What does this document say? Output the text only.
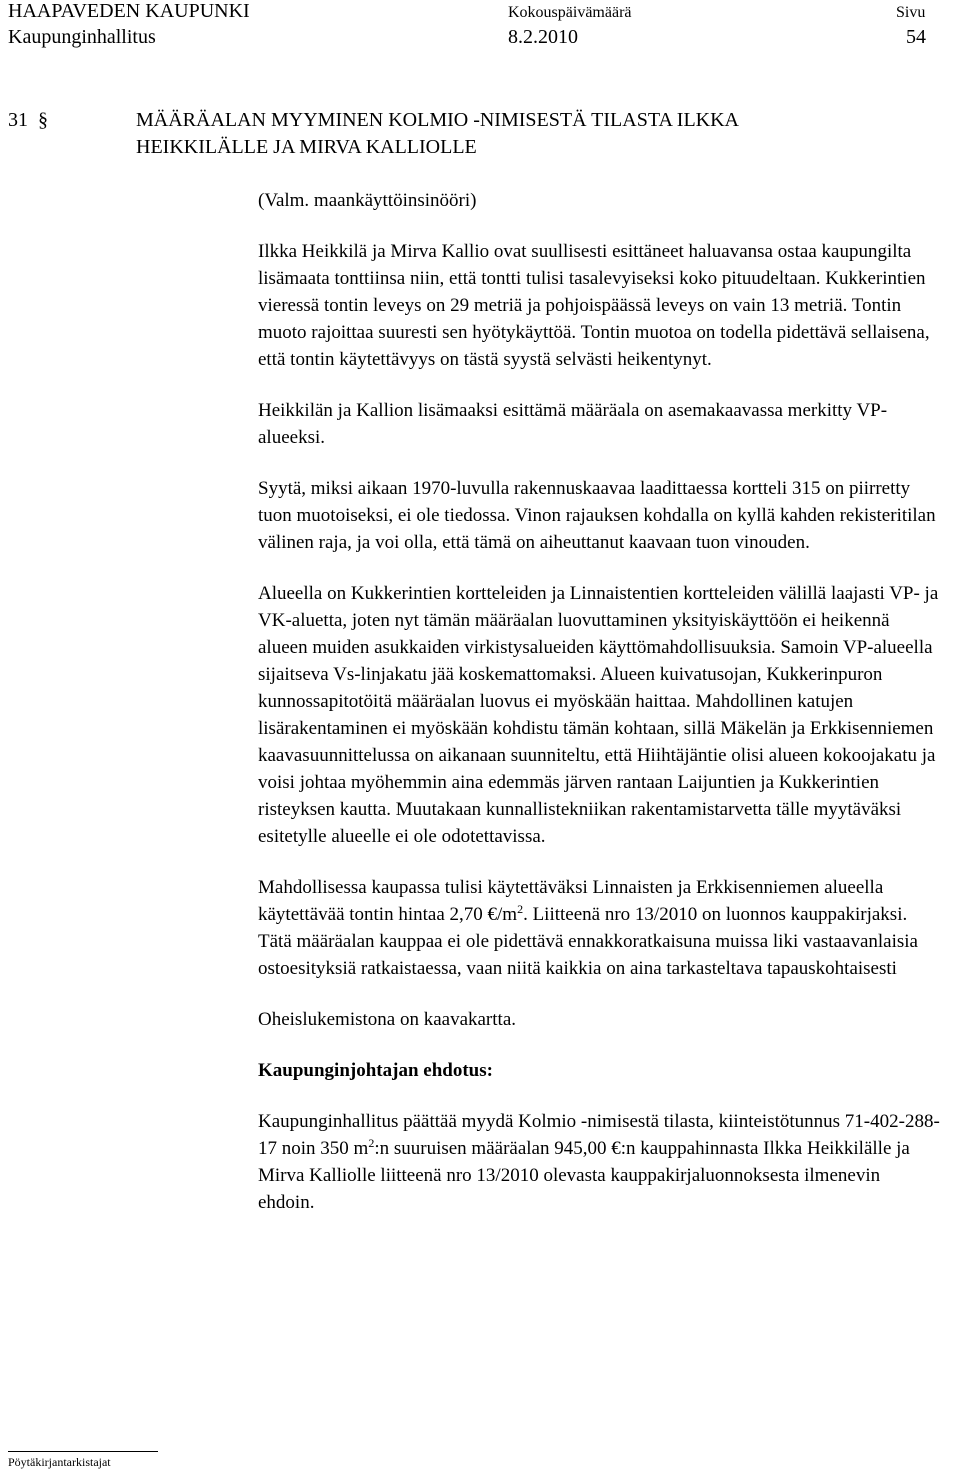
HAAPAVEDEN KAUPUNKI	Kokouspäivämäärä	Sivu
Kaupunginhallitus	8.2.2010	54
31 §	MÄÄRÄALAN MYYMINEN KOLMIO -NIMISESTÄ TILASTA ILKKA
HEIKKILÄLLE JA MIRVA KALLIOLLE

(Valm. maankäyttöinsinööri)

Ilkka Heikkilä ja Mirva Kallio ovat suullisesti esittäneet haluavansa ostaa kaupungilta lisämaata tonttiinsa niin, että tontti tulisi tasalevyiseksi koko pituudeltaan. Kukkerintien vieressä tontin leveys on 29 metriä ja pohjoispäässä leveys on vain 13 metriä. Tontin muoto rajoittaa suuresti sen hyötykäyttöä. Tontin muotoa on todella pidettävä sellaisena, että tontin käytettävyys on tästä syystä selvästi heikentynyt.

Heikkilän ja Kallion lisämaaksi esittämä määräala on asemakaavassa merkitty VP-alueeksi.

Syytä, miksi aikaan 1970-luvulla rakennuskaavaa laadittaessa kortteli 315 on piirretty tuon muotoiseksi, ei ole tiedossa. Vinon rajauksen kohdalla on kyllä kahden rekisteritilan välinen raja, ja voi olla, että tämä on aiheuttanut kaavaan tuon vinouden.

Alueella on Kukkerintien kortteleiden ja Linnaistentien kortteleiden välillä laajasti VP- ja VK-aluetta, joten nyt tämän määräalan luovuttaminen yksityiskäyttöön ei heikennä alueen muiden asukkaiden virkistysalueiden käyttömahdollisuuksia. Samoin VP-alueella sijaitseva Vs-linjakatu jää koskemattomaksi. Alueen kuivatusojan, Kukkerinpuron kunnossapitotöitä määräalan luovus ei myöskään haittaa. Mahdollinen katujen lisärakentaminen ei myöskään kohdistu tämän kohtaan, sillä Mäkelän ja Erkkisenniemen kaavasuunnittelussa on aikanaan suunniteltu, että Hiihtäjäntie olisi alueen kokoojakatu ja voisi johtaa myöhemmin aina edemmäs järven rantaan Laijuntien ja Kukkerintien risteyksen kautta. Muutakaan kunnallistekniikan rakentamistarvetta tälle myytäväksi esitetylle alueelle ei ole odotettavissa.

Mahdollisessa kaupassa tulisi käytettäväksi Linnaisten ja Erkkisenniemen alueella käytettävää tontin hintaa 2,70 $€/m^2$. Liitteenä nro 13/2010 on luonnos kauppakirjaksi. Tätä määräalan kauppaa ei ole pidettävä ennakkoratkaisuna muissa liki vastaavanlaisia ostoesityksiä ratkaistaessa, vaan niitä kaikkia on aina tarkasteltava tapauskohtaisesti

Oheislukemistona on kaavakartta.

Kaupunginjohtajan ehdotus:

Kaupunginhallitus päättää myydä Kolmio -nimisestä tilasta, kiinteistötunnus 71-402-288-17 noin 350 $m^2:n$ suuruisen määräalan 945,00 €:n kauppahinnasta Ilkka Heikkilälle ja Mirva Kalliolle liitteenä nro 13/2010 olevasta kauppakirjaluonnoksesta ilmenevin ehdoin.

Pöytäkirjantarkistajat
